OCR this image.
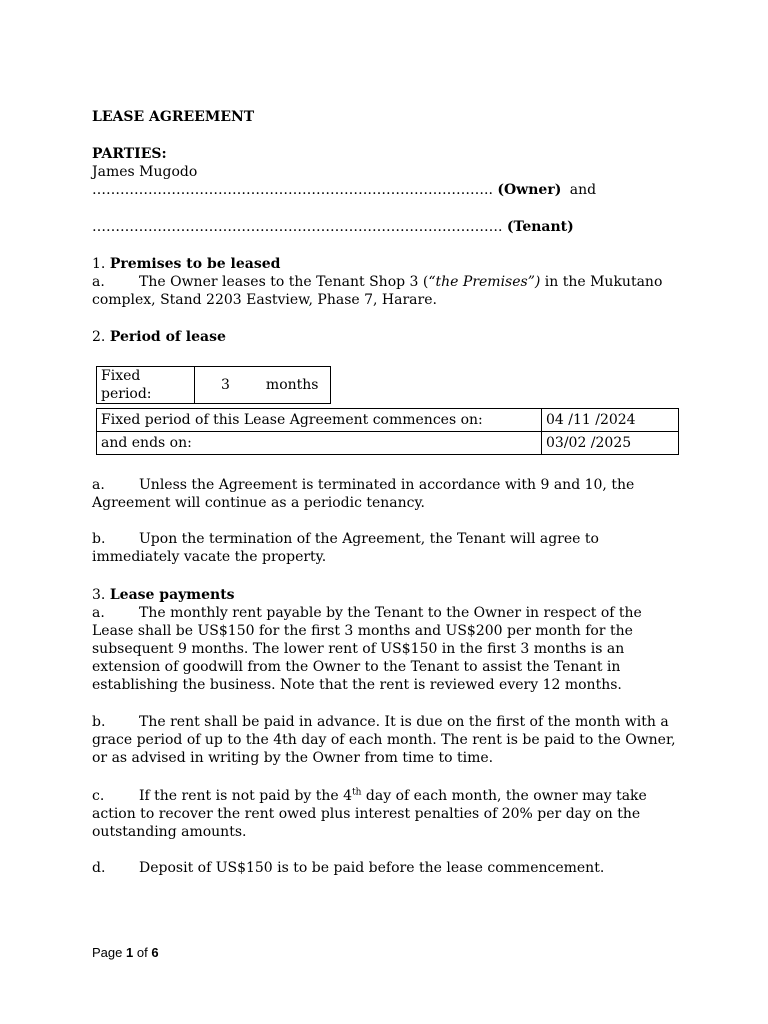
LEASE AGREEMENT
PARTIES:
James Mugodo
………………………………………………………………………….. (Owner) and
……………………………………………………………………………. (Tenant)
1. Premises to be leased
a. The Owner leases to the Tenant Shop 3 (“the Premises”) in the Mukutano complex, Stand 2203 Eastview, Phase 7, Harare.
2. Period of lease
Fixed period:	3	months
Fixed period of this Lease Agreement commences on:	04 /11 /2024
and ends on:	03/02 /2025
a. Unless the Agreement is terminated in accordance with 9 and 10, the Agreement will continue as a periodic tenancy.
b. Upon the termination of the Agreement, the Tenant will agree to immediately vacate the property.
3. Lease payments
a. The monthly rent payable by the Tenant to the Owner in respect of the Lease shall be US$150 for the first 3 months and US$200 per month for the subsequent 9 months. The lower rent of US$150 in the first 3 months is an extension of goodwill from the Owner to the Tenant to assist the Tenant in establishing the business. Note that the rent is reviewed every 12 months.
b. The rent shall be paid in advance. It is due on the first of the month with a grace period of up to the 4th day of each month. The rent is be paid to the Owner, or as advised in writing by the Owner from time to time.
c. If the rent is not paid by the 4th day of each month, the owner may take action to recover the rent owed plus interest penalties of 20% per day on the outstanding amounts.
d. Deposit of US$150 is to be paid before the lease commencement.
Page 1 of 6
